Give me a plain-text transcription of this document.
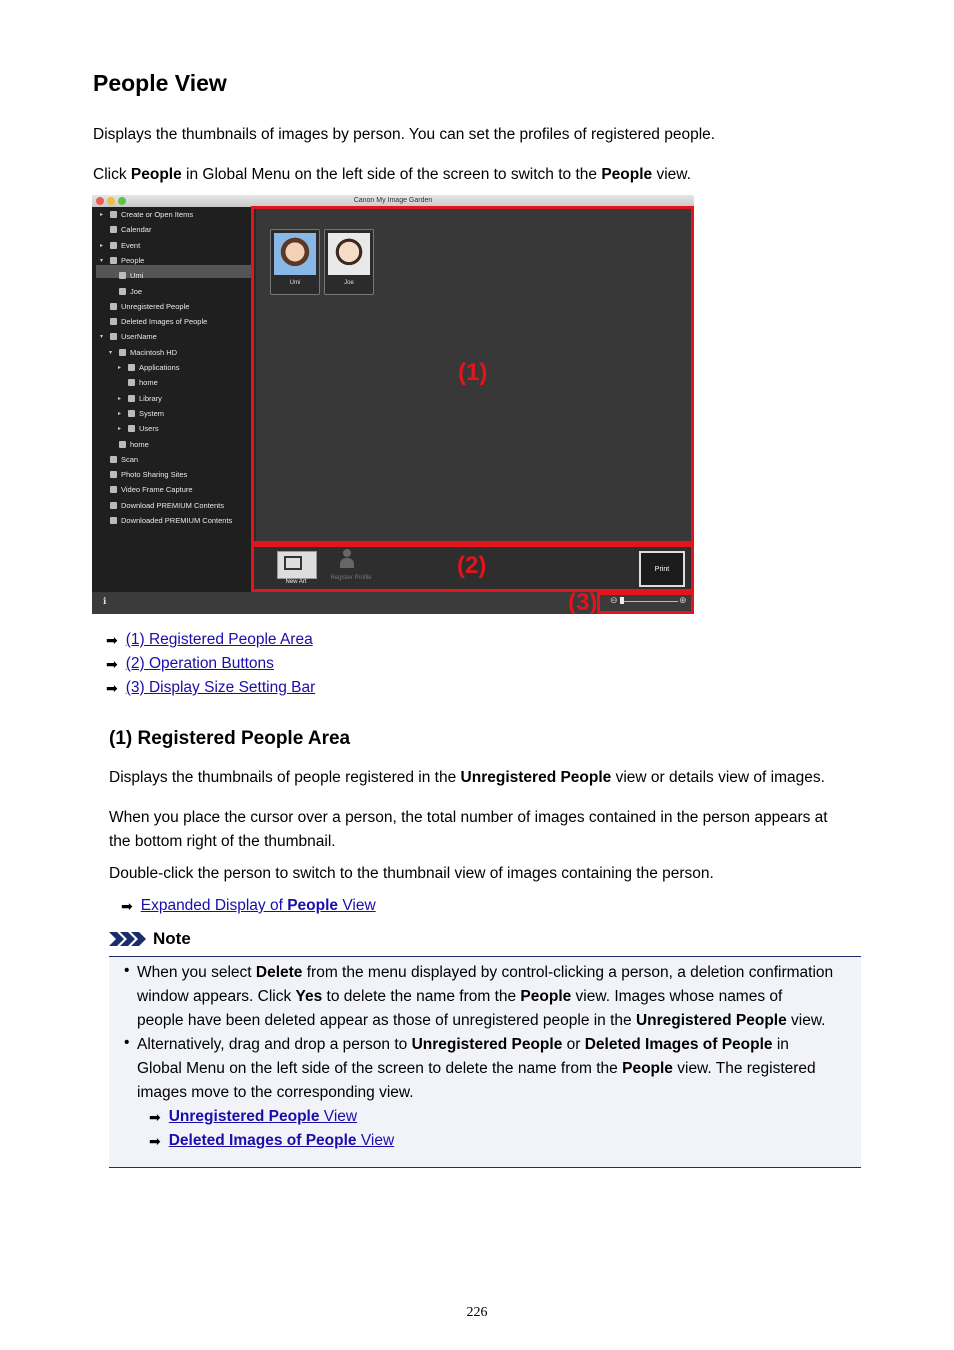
People View

Displays the thumbnails of images by person. You can set the profiles of registered people.

Click People in Global Menu on the left side of the screen to switch to the People view.

Canon My Image Garden
▸	Create or Open Items
Calendar
▸	Event
▾	People
Umi
Joe
Unregistered People
Deleted Images of People
▾	UserName
▾	Macintosh HD
▸	Applications
home
▸	Library
▸	System
▸	Users
home
Scan
Photo Sharing Sites
Video Frame Capture
Download PREMIUM Contents
Downloaded PREMIUM Contents
Umi	Joe
New Art
Register Profile
Print
ℹ	⊖	⊕
(1)
(2)
(3)
➡ (1) Registered People Area
➡ (2) Operation Buttons
➡ (3) Display Size Setting Bar
(1) Registered People Area

Displays the thumbnails of people registered in the Unregistered People view or details view of images.

When you place the cursor over a person, the total number of images contained in the person appears at

the bottom right of the thumbnail.

Double-click the person to switch to the thumbnail view of images containing the person.

➡ Expanded Display of People View
Note
• When you select Delete from the menu displayed by control-clicking a person, a deletion confirmation

window appears. Click Yes to delete the name from the People view. Images whose names of

people have been deleted appear as those of unregistered people in the Unregistered People view.

• Alternatively, drag and drop a person to Unregistered People or Deleted Images of People in

Global Menu on the left side of the screen to delete the name from the People view. The registered

images move to the corresponding view.

➡ Unregistered People View
➡ Deleted Images of People View
226
